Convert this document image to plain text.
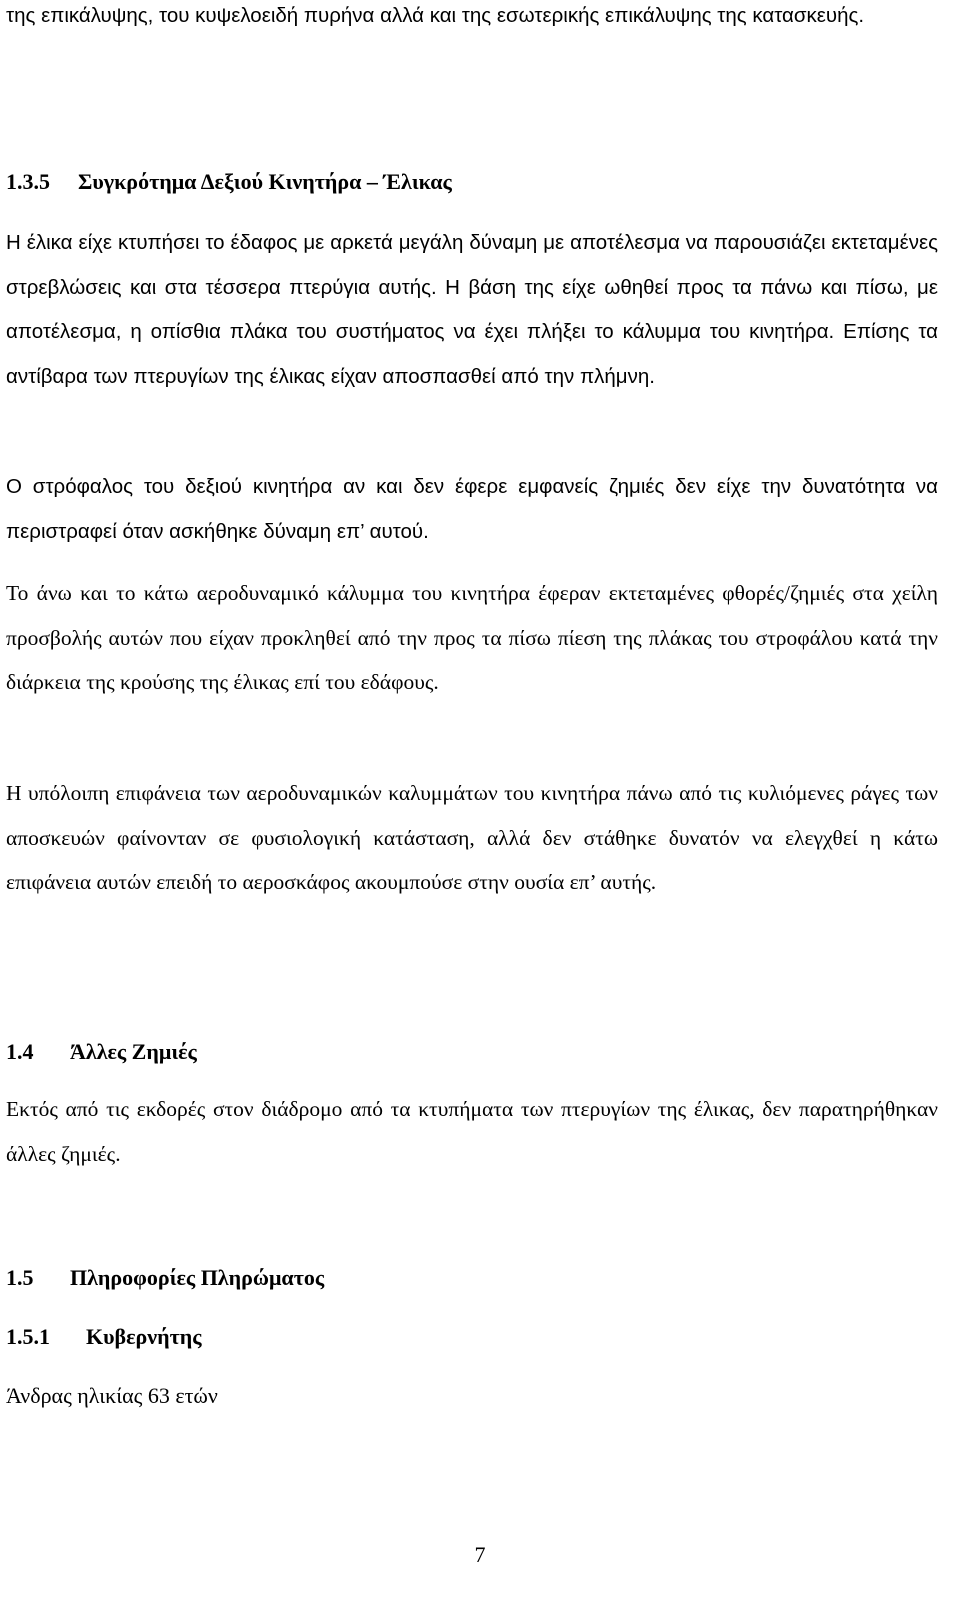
της επικάλυψης, του κυψελοειδή πυρήνα αλλά και της εσωτερικής επικάλυψης της κατασκευής.

1.3.5 Συγκρότημα Δεξιού Κινητήρα – Έλικας

Η έλικα είχε κτυπήσει το έδαφος με αρκετά μεγάλη δύναμη με αποτέλεσμα να παρουσιάζει εκτεταμένες στρεβλώσεις και στα τέσσερα πτερύγια αυτής. Η βάση της είχε ωθηθεί προς τα πάνω και πίσω, με αποτέλεσμα, η οπίσθια πλάκα του συστήματος να έχει πλήξει το κάλυμμα του κινητήρα. Επίσης τα αντίβαρα των πτερυγίων της έλικας είχαν αποσπασθεί από την πλήμνη.

Ο στρόφαλος του δεξιού κινητήρα αν και δεν έφερε εμφανείς ζημιές δεν είχε την δυνατότητα να περιστραφεί όταν ασκήθηκε δύναμη επ’ αυτού.

Το άνω και το κάτω αεροδυναμικό κάλυμμα του κινητήρα έφεραν εκτεταμένες φθορές/ζημιές στα χείλη προσβολής αυτών που είχαν προκληθεί από την προς τα πίσω πίεση της πλάκας του στροφάλου κατά την διάρκεια της κρούσης της έλικας επί του εδάφους.

Η υπόλοιπη επιφάνεια των αεροδυναμικών καλυμμάτων του κινητήρα πάνω από τις κυλιόμενες ράγες των αποσκευών φαίνονταν σε φυσιολογική κατάσταση, αλλά δεν στάθηκε δυνατόν να ελεγχθεί η κάτω επιφάνεια αυτών επειδή το αεροσκάφος ακουμπούσε στην ουσία επ’ αυτής.

1.4 Άλλες Ζημιές

Εκτός από τις εκδορές στον διάδρομο από τα κτυπήματα των πτερυγίων της έλικας, δεν παρατηρήθηκαν άλλες ζημιές.

1.5 Πληροφορίες Πληρώματος
1.5.1 Κυβερνήτης

Άνδρας ηλικίας 63 ετών

7
